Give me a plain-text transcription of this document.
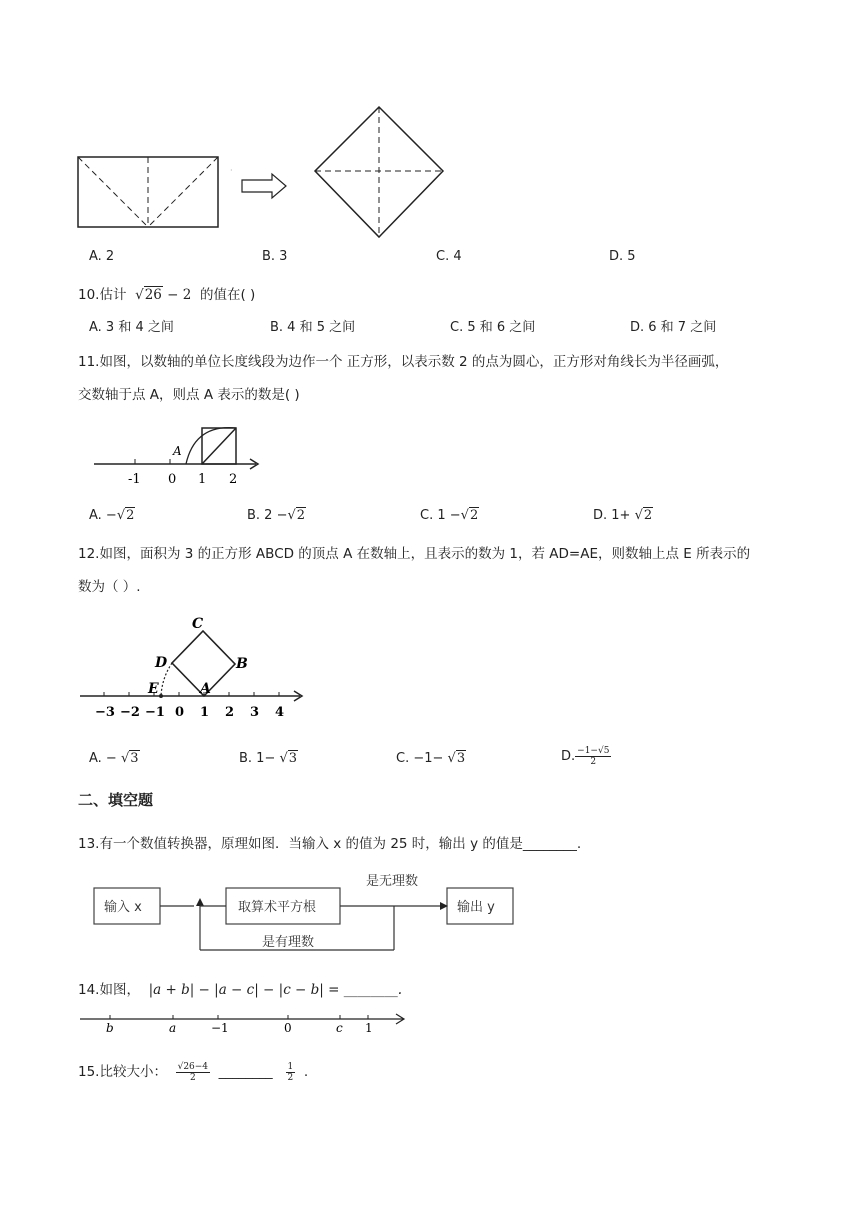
·
A. 2	B. 3	C. 4	D. 5
10.估计 √26 − 2 的值在( )
A. 3 和 4 之间	B. 4 和 5 之间	C. 5 和 6 之间	D. 6 和 7 之间
11.如图，以数轴的单位长度线段为边作一个 正方形，以表示数 2 的点为圆心，正方形对角线长为半径画弧，
交数轴于点 A，则点 A 表示的数是( )
-1 0 1 2
A
A. −√2	B. 2 −√2	C. 1 −√2	D. 1+ √2
12.如图，面积为 3 的正方形 ABCD 的顶点 A 在数轴上，且表示的数为 1，若 AD=AE，则数轴上点 E 所表示的
数为（ ）.
C
D	B
E	A
−3 −2 −1 0 1 2 3 4
A. − √3	B. 1− √3	C. −1− √3	D. $\frac{-1-√5}{2}$
二、填空题
13.有一个数值转换器，原理如图．当输入 x 的值为 25 时，输出 y 的值是________.
输入 x	取算术平方根	输出 y
是无理数
是有理数
14.如图， |a + b| − |a − c| − |c − b| = ________.
b	a	−1	0	c 1
15.比较大小： $\frac{√26-4}{2}$ ________ $\frac{1}{2}$ .
